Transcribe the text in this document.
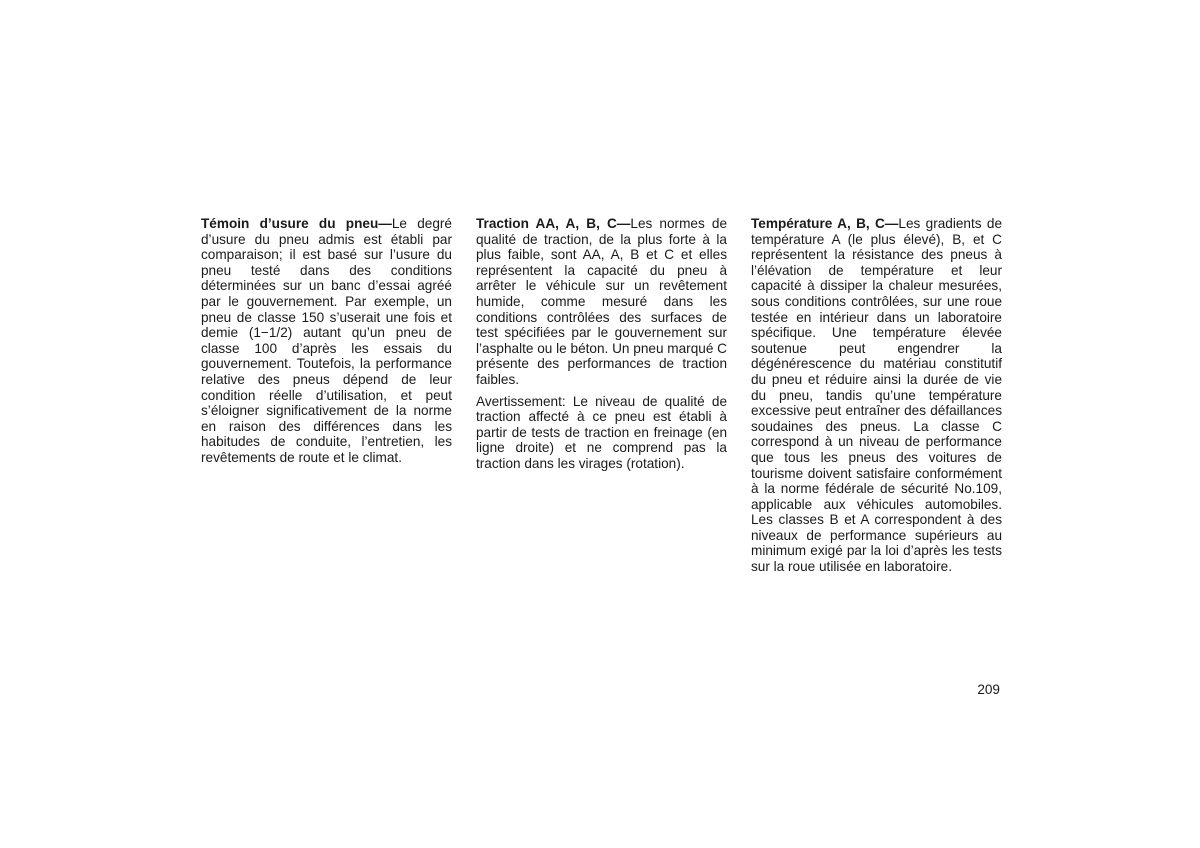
Témoin d’usure du pneu—Le degré d’usure du pneu admis est établi par comparaison; il est basé sur l’usure du pneu testé dans des conditions déterminées sur un banc d’essai agréé par le gouvernement. Par exemple, un pneu de classe 150 s’userait une fois et demie (1−1/2) autant qu’un pneu de classe 100 d’après les essais du gouvernement. Toutefois, la performance relative des pneus dépend de leur condition réelle d’utilisation, et peut s’éloigner significativement de la norme en raison des différences dans les habitudes de conduite, l’entretien, les revêtements de route et le climat.

Traction AA, A, B, C—Les normes de qualité de traction, de la plus forte à la plus faible, sont AA, A, B et C et elles représentent la capacité du pneu à arrêter le véhicule sur un revêtement humide, comme mesuré dans les conditions contrôlées des surfaces de test spécifiées par le gouvernement sur l’asphalte ou le béton. Un pneu marqué C présente des performances de traction faibles.

Avertissement: Le niveau de qualité de traction affecté à ce pneu est établi à partir de tests de traction en freinage (en ligne droite) et ne comprend pas la traction dans les virages (rotation).

Température A, B, C—Les gradients de température A (le plus élevé), B, et C représentent la résistance des pneus à l’élévation de température et leur capacité à dissiper la chaleur mesurées, sous conditions contrôlées, sur une roue testée en intérieur dans un laboratoire spécifique. Une température élevée soutenue peut engendrer la dégénérescence du matériau constitutif du pneu et réduire ainsi la durée de vie du pneu, tandis qu’une température excessive peut entraîner des défaillances soudaines des pneus. La classe C correspond à un niveau de performance que tous les pneus des voitures de tourisme doivent satisfaire conformément à la norme fédérale de sécurité No.109, applicable aux véhicules automobiles. Les classes B et A correspondent à des niveaux de performance supérieurs au minimum exigé par la loi d’après les tests sur la roue utilisée en laboratoire.

209
